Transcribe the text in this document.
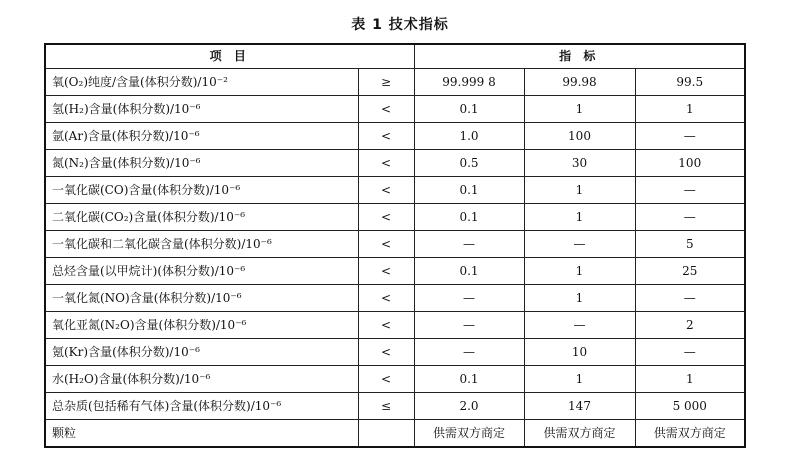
表 1 技术指标
项 目		指 标		
氧(O₂)纯度/含量(体积分数)/10⁻²	≥	99.999 8	99.98	99.5
氢(H₂)含量(体积分数)/10⁻⁶	<	0.1	1	1
氩(Ar)含量(体积分数)/10⁻⁶	<	1.0	100	—
氮(N₂)含量(体积分数)/10⁻⁶	<	0.5	30	100
一氧化碳(CO)含量(体积分数)/10⁻⁶	<	0.1	1	—
二氧化碳(CO₂)含量(体积分数)/10⁻⁶	<	0.1	1	—
一氧化碳和二氧化碳含量(体积分数)/10⁻⁶	<	—	—	5
总烃含量(以甲烷计)(体积分数)/10⁻⁶	<	0.1	1	25
一氧化氮(NO)含量(体积分数)/10⁻⁶	<	—	1	—
氧化亚氮(N₂O)含量(体积分数)/10⁻⁶	<	—	—	2
氪(Kr)含量(体积分数)/10⁻⁶	<	—	10	—
水(H₂O)含量(体积分数)/10⁻⁶	<	0.1	1	1
总杂质(包括稀有气体)含量(体积分数)/10⁻⁶	≤	2.0	147	5 000
颗粒		供需双方商定	供需双方商定	供需双方商定
